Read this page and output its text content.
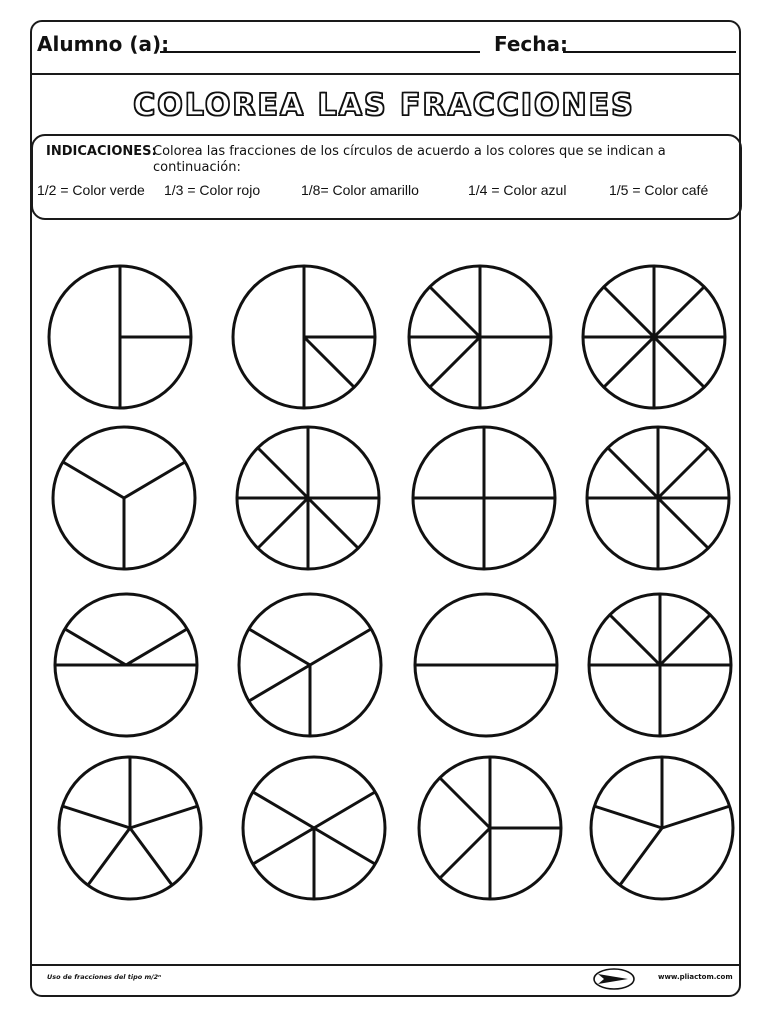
Alumno (a):	Fecha:
COLOREA LAS FRACCIONES
INDICACIONES:
Colorea las fracciones de los círculos de acuerdo a los colores que se indican a continuación:
1/2 = Color verde 1/3 = Color rojo	1/8= Color amarillo	1/4 = Color azul	1/5 = Color café
Uso de fracciones del tipo m/2ⁿ	www.pliactom.com
